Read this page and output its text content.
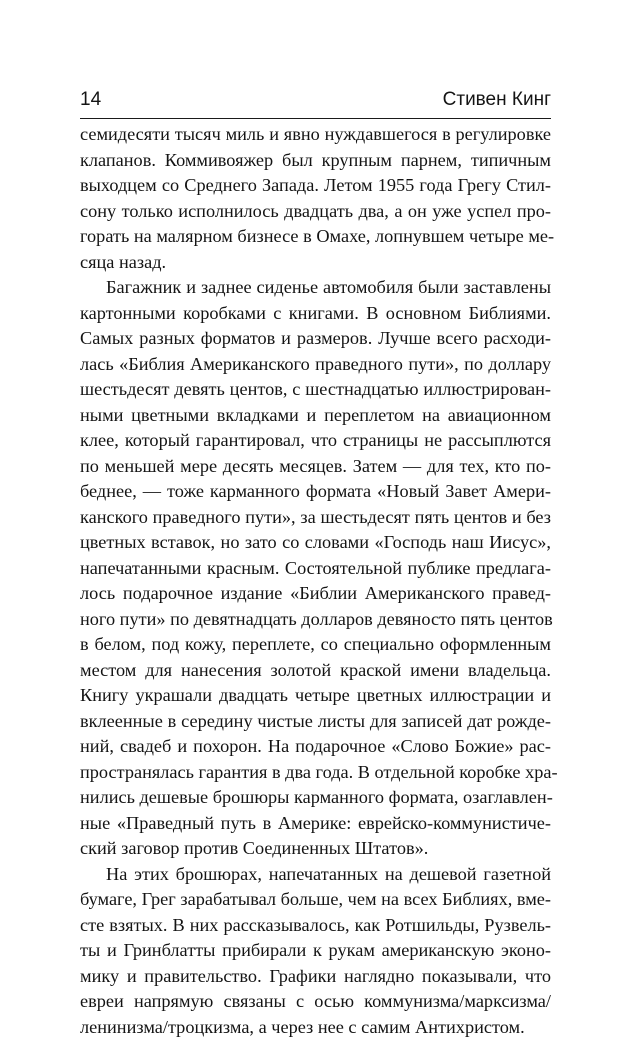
14	Стивен Кинг
семидесяти тысяч миль и явно нуждавшегося в регулировке
клапанов. Коммивояжер был крупным парнем, типичным
выходцем со Среднего Запада. Летом 1955 года Грегу Стил-
сону только исполнилось двадцать два, а он уже успел про-
горать на малярном бизнесе в Омахе, лопнувшем четыре ме-
сяца назад.
Багажник и заднее сиденье автомобиля были заставлены
картонными коробками с книгами. В основном Библиями.
Самых разных форматов и размеров. Лучше всего расходи-
лась «Библия Американского праведного пути», по доллару
шестьдесят девять центов, с шестнадцатью иллюстрирован-
ными цветными вкладками и переплетом на авиационном
клее, который гарантировал, что страницы не рассыплются
по меньшей мере десять месяцев. Затем — для тех, кто по-
беднее, — тоже карманного формата «Новый Завет Амери-
канского праведного пути», за шестьдесят пять центов и без
цветных вставок, но зато со словами «Господь наш Иисус»,
напечатанными красным. Состоятельной публике предлага-
лось подарочное издание «Библии Американского правед-
ного пути» по девятнадцать долларов девяносто пять центов
в белом, под кожу, переплете, со специально оформленным
местом для нанесения золотой краской имени владельца.
Книгу украшали двадцать четыре цветных иллюстрации и
вклеенные в середину чистые листы для записей дат рожде-
ний, свадеб и похорон. На подарочное «Слово Божие» рас-
пространялась гарантия в два года. В отдельной коробке хра-
нились дешевые брошюры карманного формата, озаглавлен-
ные «Праведный путь в Америке: еврейско-коммунистиче-
ский заговор против Соединенных Штатов».
На этих брошюрах, напечатанных на дешевой газетной
бумаге, Грег зарабатывал больше, чем на всех Библиях, вме-
сте взятых. В них рассказывалось, как Ротшильды, Рузвель-
ты и Гринблатты прибирали к рукам американскую эконо-
мику и правительство. Графики наглядно показывали, что
евреи напрямую связаны с осью коммунизма/марксизма/
ленинизма/троцкизма, а через нее с самим Антихристом.
